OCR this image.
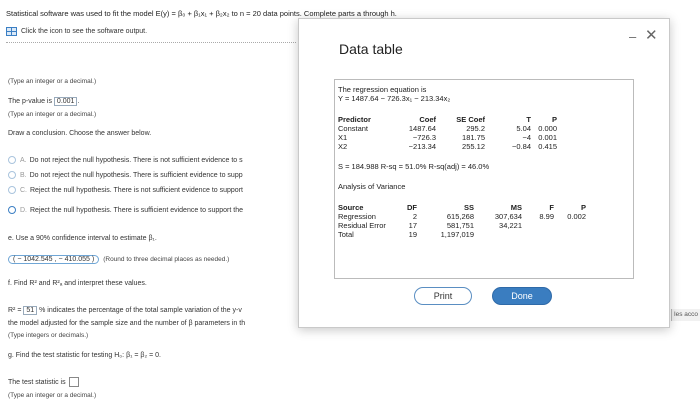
Statistical software was used to fit the model E(y) = β₀ + β₁x₁ + β₂x₂ to n = 20 data points. Complete parts a through h.
Click the icon to see the software output.
(Type an integer or a decimal.)
The p-value is 0.001 .
(Type an integer or a decimal.)
Draw a conclusion. Choose the answer below.
A. Do not reject the null hypothesis. There is not sufficient evidence to s
B. Do not reject the null hypothesis. There is sufficient evidence to supp
C. Reject the null hypothesis. There is not sufficient evidence to support
D. Reject the null hypothesis. There is sufficient evidence to support the
e. Use a 90% confidence interval to estimate β₁.
( − 1042.545 , − 410.055 ) (Round to three decimal places as needed.)
f. Find R² and R²ₐ and interpret these values.
R² = 51 % indicates the percentage of the total sample variation of the y-v
the model adjusted for the sample size and the number of β parameters in th
(Type integers or decimals.)
g. Find the test statistic for testing H₀: β₁ = β₂ = 0.
The test statistic is
(Type an integer or a decimal.)
les acco
Data table
– ✕
The regression equation is
Y = 1487.64 − 726.3x₁ − 213.34x₂
Predictor	Coef	SE Coef	T	P
Constant	1487.64	295.2	5.04 0.000
X1	−726.3	181.75	−4 0.001
X2	−213.34	255.12	−0.84 0.415
S = 184.988 R-sq = 51.0% R-sq(adj) = 46.0%
Analysis of Variance
Source	DF	SS	MS	F	P
Regression	2	615,268	307,634	8.99	0.002
Residual Error	17	581,751	34,221
Total	19	1,197,019
Print	Done
